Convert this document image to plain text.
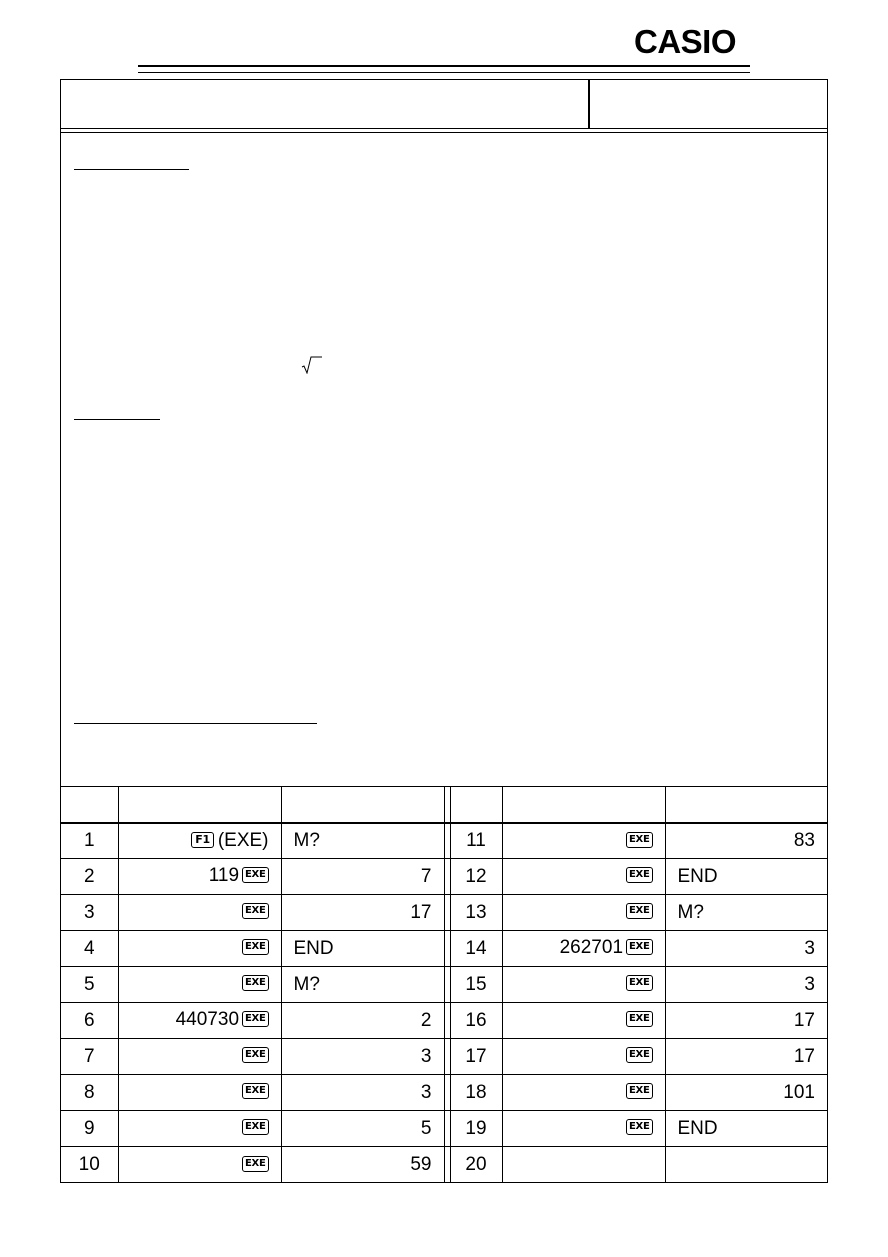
CASIO

1	F1 (EXE)	M?		11	EXE	83
2	119 EXE	7		12	EXE	END
3	EXE	17		13	EXE	M?
4	EXE	END		14	262701 EXE	3
5	EXE	M?		15	EXE	3
6	440730 EXE	2		16	EXE	17
7	EXE	3		17	EXE	17
8	EXE	3		18	EXE	101
9	EXE	5		19	EXE	END
10	EXE	59		20		
